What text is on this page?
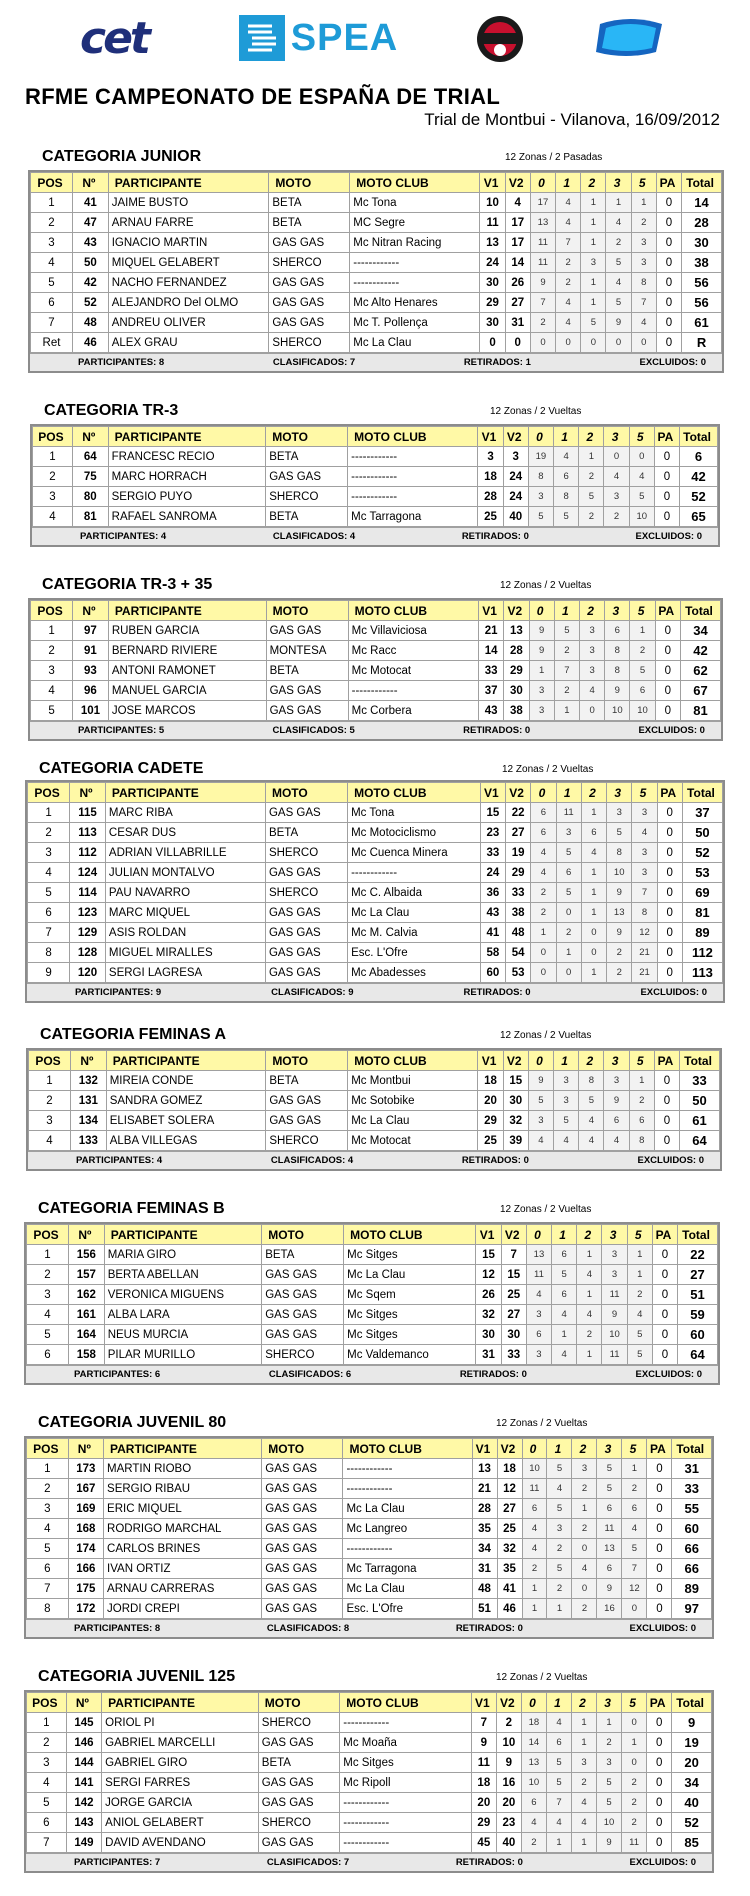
cet	SPEA
RFME CAMPEONATO DE ESPAÑA DE TRIAL
Trial de Montbui - Vilanova, 16/09/2012
CATEGORIA JUNIOR	12 Zonas / 2 Pasadas
POS	Nº	PARTICIPANTE	MOTO	MOTO CLUB	V1	V2	0	1	2	3	5	PA	Total
1	41	JAIME BUSTO	BETA	Mc Tona	10	4	17	4	1	1	1	0	14
2	47	ARNAU FARRE	BETA	MC Segre	11	17	13	4	1	4	2	0	28
3	43	IGNACIO MARTIN	GAS GAS	Mc Nitran Racing	13	17	11	7	1	2	3	0	30
4	50	MIQUEL GELABERT	SHERCO	------------	24	14	11	2	3	5	3	0	38
5	42	NACHO FERNANDEZ	GAS GAS	------------	30	26	9	2	1	4	8	0	56
6	52	ALEJANDRO Del OLMO	GAS GAS	Mc Alto Henares	29	27	7	4	1	5	7	0	56
7	48	ANDREU OLIVER	GAS GAS	Mc T. Pollença	30	31	2	4	5	9	4	0	61
Ret	46	ALEX GRAU	SHERCO	Mc La Clau	0	0	0	0	0	0	0	0	R
PARTICIPANTES: 8	CLASIFICADOS: 7	RETIRADOS: 1	EXCLUIDOS: 0
CATEGORIA TR-3	12 Zonas / 2 Vueltas
POS	Nº	PARTICIPANTE	MOTO	MOTO CLUB	V1	V2	0	1	2	3	5	PA	Total
1	64	FRANCESC RECIO	BETA	------------	3	3	19	4	1	0	0	0	6
2	75	MARC HORRACH	GAS GAS	------------	18	24	8	6	2	4	4	0	42
3	80	SERGIO PUYO	SHERCO	------------	28	24	3	8	5	3	5	0	52
4	81	RAFAEL SANROMA	BETA	Mc Tarragona	25	40	5	5	2	2	10	0	65
PARTICIPANTES: 4	CLASIFICADOS: 4	RETIRADOS: 0	EXCLUIDOS: 0
CATEGORIA TR-3 + 35	12 Zonas / 2 Vueltas
POS	Nº	PARTICIPANTE	MOTO	MOTO CLUB	V1	V2	0	1	2	3	5	PA	Total
1	97	RUBEN GARCIA	GAS GAS	Mc Villaviciosa	21	13	9	5	3	6	1	0	34
2	91	BERNARD RIVIERE	MONTESA	Mc Racc	14	28	9	2	3	8	2	0	42
3	93	ANTONI RAMONET	BETA	Mc Motocat	33	29	1	7	3	8	5	0	62
4	96	MANUEL GARCIA	GAS GAS	------------	37	30	3	2	4	9	6	0	67
5	101	JOSE MARCOS	GAS GAS	Mc Corbera	43	38	3	1	0	10	10	0	81
PARTICIPANTES: 5	CLASIFICADOS: 5	RETIRADOS: 0	EXCLUIDOS: 0
CATEGORIA CADETE	12 Zonas / 2 Vueltas
POS	Nº	PARTICIPANTE	MOTO	MOTO CLUB	V1	V2	0	1	2	3	5	PA	Total
1	115	MARC RIBA	GAS GAS	Mc Tona	15	22	6	11	1	3	3	0	37
2	113	CESAR DUS	BETA	Mc Motociclismo	23	27	6	3	6	5	4	0	50
3	112	ADRIAN VILLABRILLE	SHERCO	Mc Cuenca Minera	33	19	4	5	4	8	3	0	52
4	124	JULIAN MONTALVO	GAS GAS	------------	24	29	4	6	1	10	3	0	53
5	114	PAU NAVARRO	SHERCO	Mc C. Albaida	36	33	2	5	1	9	7	0	69
6	123	MARC MIQUEL	GAS GAS	Mc La Clau	43	38	2	0	1	13	8	0	81
7	129	ASIS ROLDAN	GAS GAS	Mc M. Calvia	41	48	1	2	0	9	12	0	89
8	128	MIGUEL MIRALLES	GAS GAS	Esc. L'Ofre	58	54	0	1	0	2	21	0	112
9	120	SERGI LAGRESA	GAS GAS	Mc Abadesses	60	53	0	0	1	2	21	0	113
PARTICIPANTES: 9	CLASIFICADOS: 9	RETIRADOS: 0	EXCLUIDOS: 0
CATEGORIA FEMINAS A	12 Zonas / 2 Vueltas
POS	Nº	PARTICIPANTE	MOTO	MOTO CLUB	V1	V2	0	1	2	3	5	PA	Total
1	132	MIREIA CONDE	BETA	Mc Montbui	18	15	9	3	8	3	1	0	33
2	131	SANDRA GOMEZ	GAS GAS	Mc Sotobike	20	30	5	3	5	9	2	0	50
3	134	ELISABET SOLERA	GAS GAS	Mc La Clau	29	32	3	5	4	6	6	0	61
4	133	ALBA VILLEGAS	SHERCO	Mc Motocat	25	39	4	4	4	4	8	0	64
PARTICIPANTES: 4	CLASIFICADOS: 4	RETIRADOS: 0	EXCLUIDOS: 0
CATEGORIA FEMINAS B	12 Zonas / 2 Vueltas
POS	Nº	PARTICIPANTE	MOTO	MOTO CLUB	V1	V2	0	1	2	3	5	PA	Total
1	156	MARIA GIRO	BETA	Mc Sitges	15	7	13	6	1	3	1	0	22
2	157	BERTA ABELLAN	GAS GAS	Mc La Clau	12	15	11	5	4	3	1	0	27
3	162	VERONICA MIGUENS	GAS GAS	Mc Sqem	26	25	4	6	1	11	2	0	51
4	161	ALBA LARA	GAS GAS	Mc Sitges	32	27	3	4	4	9	4	0	59
5	164	NEUS MURCIA	GAS GAS	Mc Sitges	30	30	6	1	2	10	5	0	60
6	158	PILAR MURILLO	SHERCO	Mc Valdemanco	31	33	3	4	1	11	5	0	64
PARTICIPANTES: 6	CLASIFICADOS: 6	RETIRADOS: 0	EXCLUIDOS: 0
CATEGORIA JUVENIL 80	12 Zonas / 2 Vueltas
POS	Nº	PARTICIPANTE	MOTO	MOTO CLUB	V1	V2	0	1	2	3	5	PA	Total
1	173	MARTIN RIOBO	GAS GAS	------------	13	18	10	5	3	5	1	0	31
2	167	SERGIO RIBAU	GAS GAS	------------	21	12	11	4	2	5	2	0	33
3	169	ERIC MIQUEL	GAS GAS	Mc La Clau	28	27	6	5	1	6	6	0	55
4	168	RODRIGO MARCHAL	GAS GAS	Mc Langreo	35	25	4	3	2	11	4	0	60
5	174	CARLOS BRINES	GAS GAS	------------	34	32	4	2	0	13	5	0	66
6	166	IVAN ORTIZ	GAS GAS	Mc Tarragona	31	35	2	5	4	6	7	0	66
7	175	ARNAU CARRERAS	GAS GAS	Mc La Clau	48	41	1	2	0	9	12	0	89
8	172	JORDI CREPI	GAS GAS	Esc. L'Ofre	51	46	1	1	2	16	0	0	97
PARTICIPANTES: 8	CLASIFICADOS: 8	RETIRADOS: 0	EXCLUIDOS: 0
CATEGORIA JUVENIL 125	12 Zonas / 2 Vueltas
POS	Nº	PARTICIPANTE	MOTO	MOTO CLUB	V1	V2	0	1	2	3	5	PA	Total
1	145	ORIOL PI	SHERCO	------------	7	2	18	4	1	1	0	0	9
2	146	GABRIEL MARCELLI	GAS GAS	Mc Moaña	9	10	14	6	1	2	1	0	19
3	144	GABRIEL GIRO	BETA	Mc Sitges	11	9	13	5	3	3	0	0	20
4	141	SERGI FARRES	GAS GAS	Mc Ripoll	18	16	10	5	2	5	2	0	34
5	142	JORGE GARCIA	GAS GAS	------------	20	20	6	7	4	5	2	0	40
6	143	ANIOL GELABERT	SHERCO	------------	29	23	4	4	4	10	2	0	52
7	149	DAVID AVENDANO	GAS GAS	------------	45	40	2	1	1	9	11	0	85
PARTICIPANTES: 7	CLASIFICADOS: 7	RETIRADOS: 0	EXCLUIDOS: 0
